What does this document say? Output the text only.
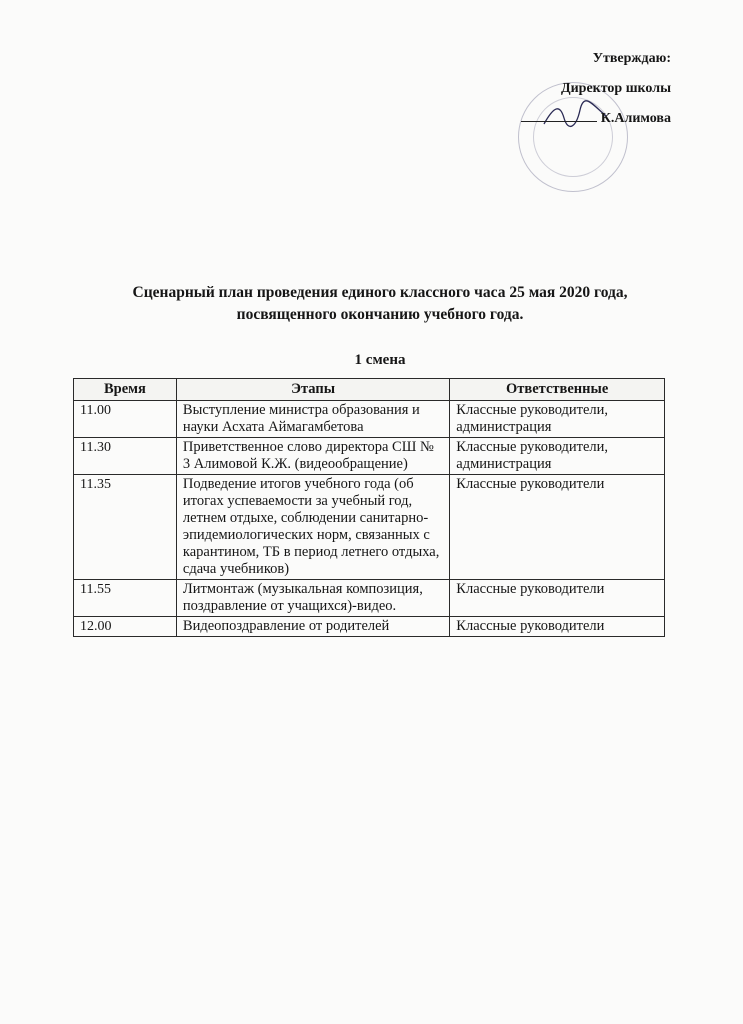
Утверждаю:
Директор школы
К.Алимова
Сценарный план проведения единого классного часа 25 мая 2020 года,
посвященного окончанию учебного года.
1 смена
Время	Этапы	Ответственные
11.00	Выступление министра образования и науки Асхата Аймагамбетова	Классные руководители, администрация
11.30	Приветственное слово директора СШ № 3 Алимовой К.Ж. (видеообращение)	Классные руководители, администрация
11.35	Подведение итогов учебного года (об итогах успеваемости за учебный год, летнем отдыхе, соблюдении санитарно-эпидемиологических норм, связанных с карантином, ТБ в период летнего отдыха, сдача учебников)	Классные руководители
11.55	Литмонтаж (музыкальная композиция, поздравление от учащихся)-видео.	Классные руководители
12.00	Видеопоздравление от родителей	Классные руководители
